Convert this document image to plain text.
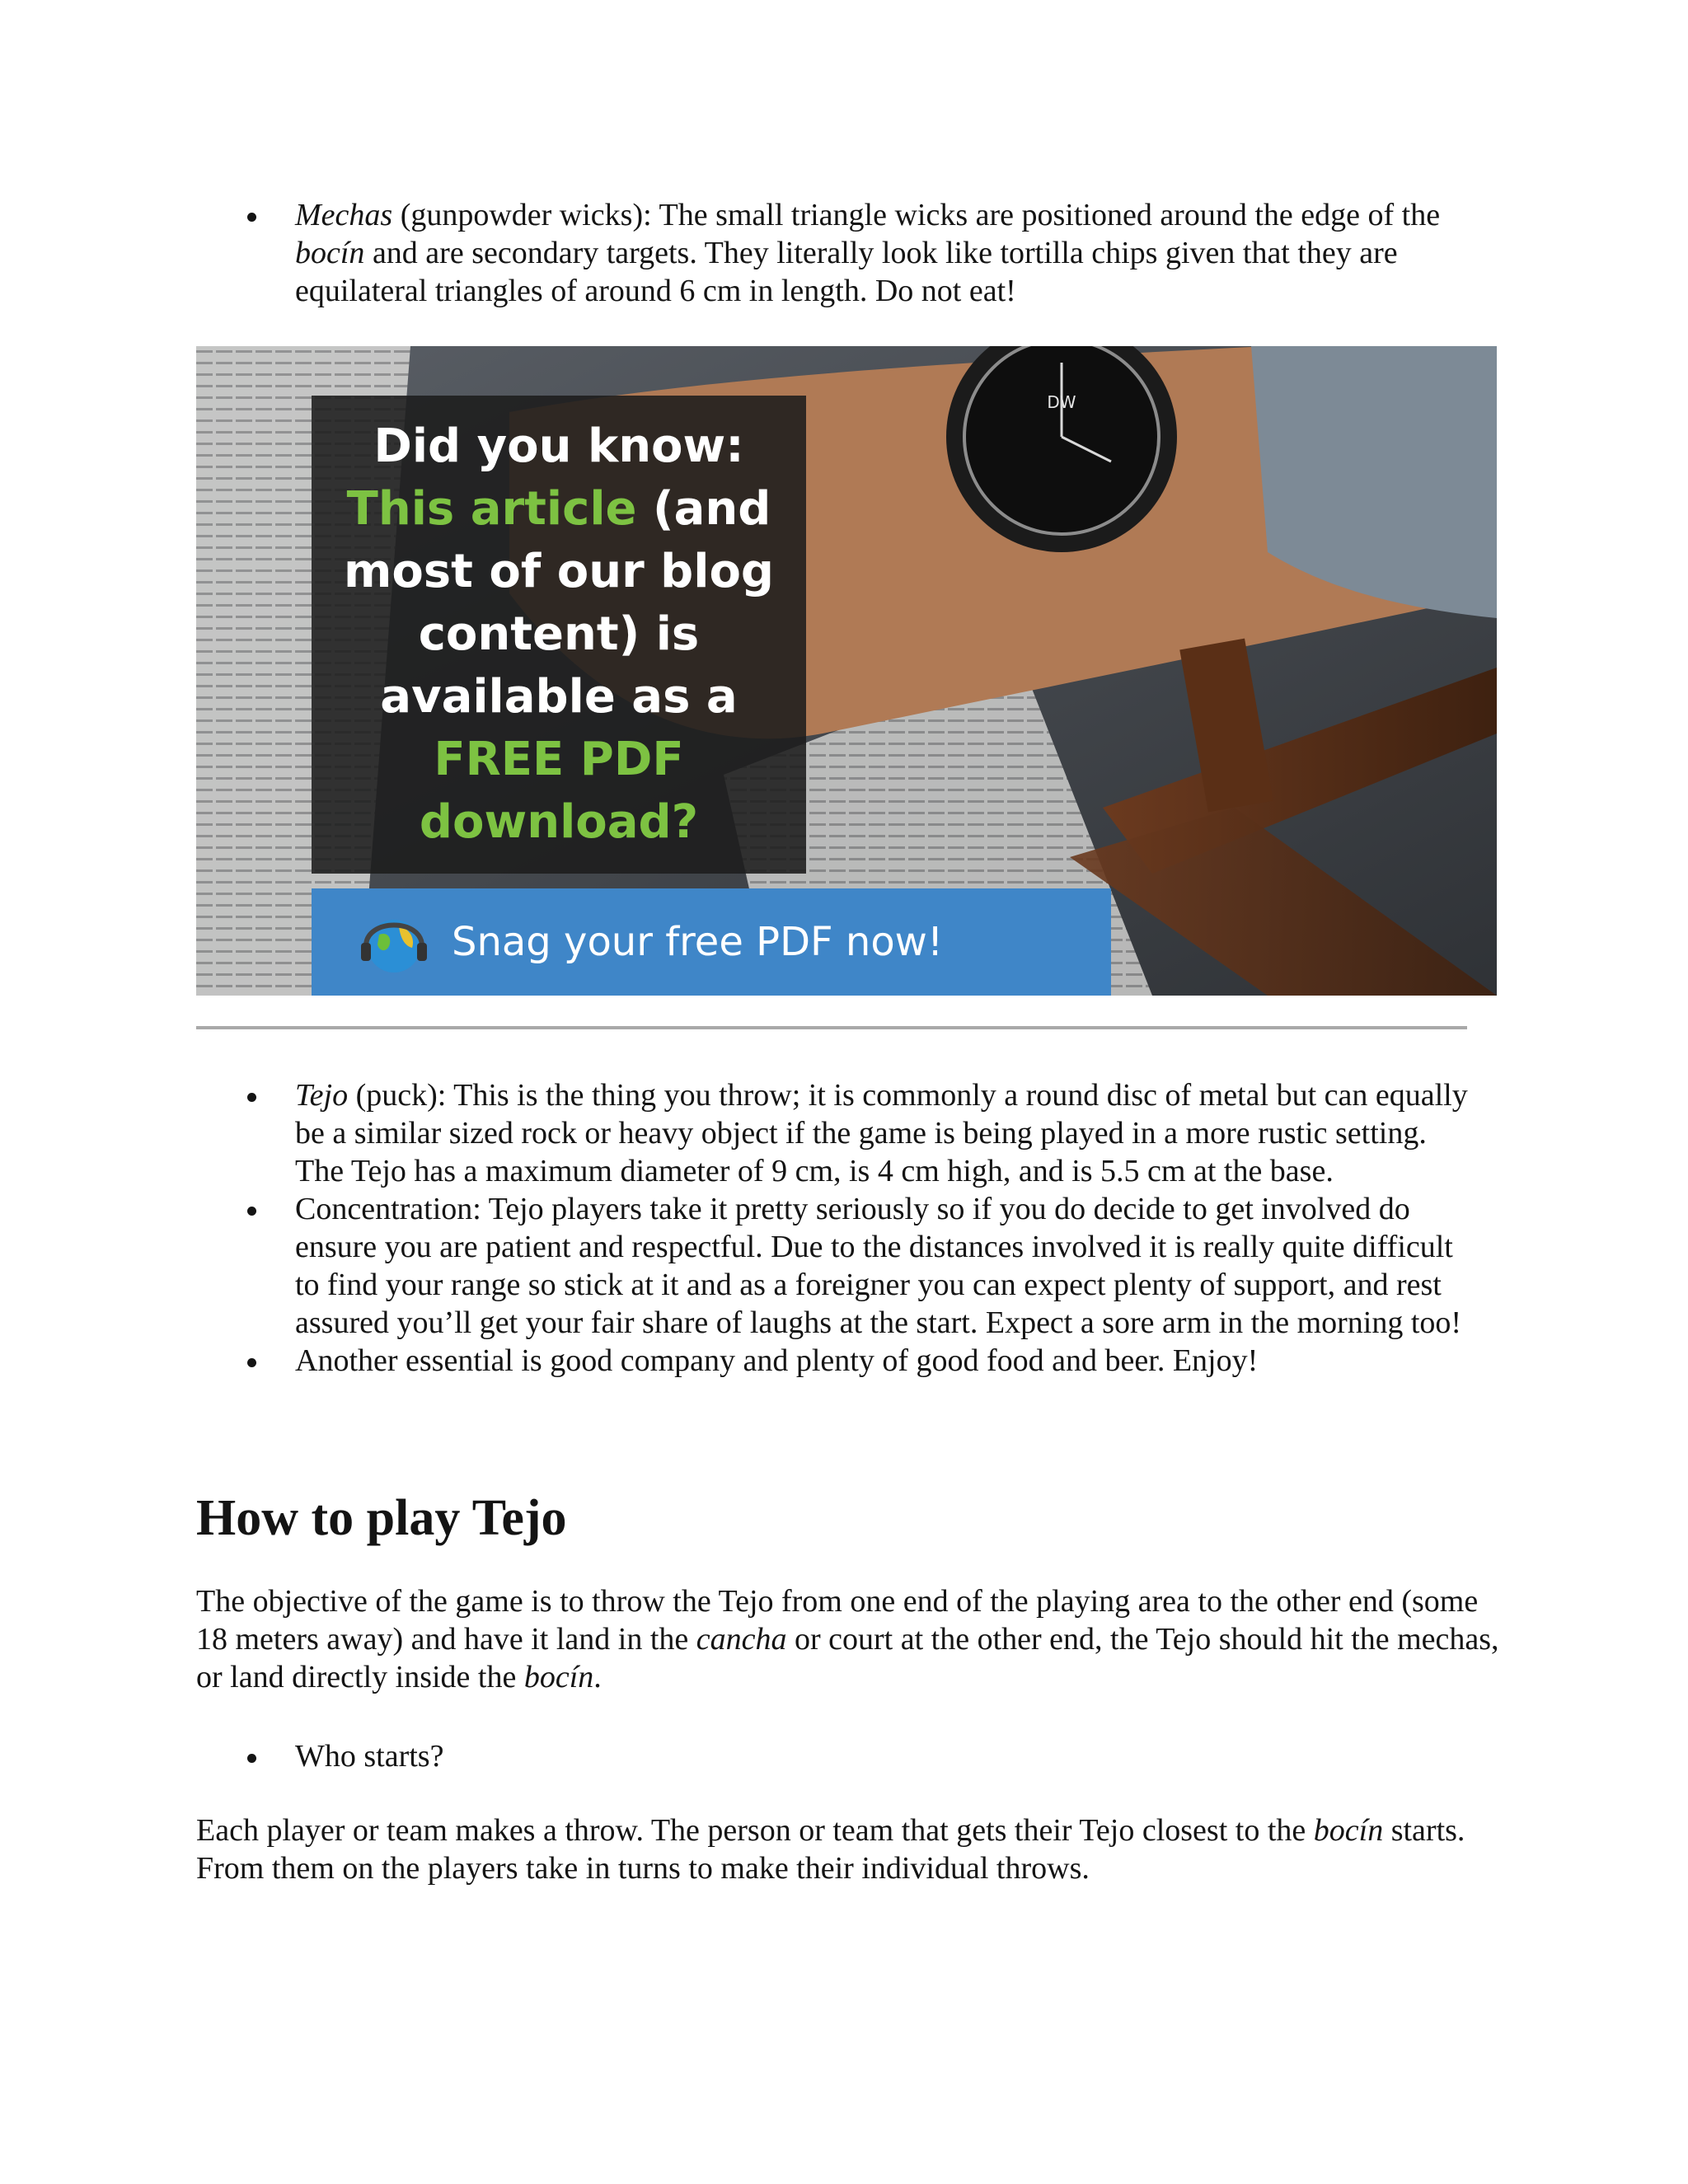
Mechas (gunpowder wicks): The small triangle wicks are positioned around the edge of the bocín and are secondary targets. They literally look like tortilla chips given that they are equilateral triangles of around 6 cm in length. Do not eat!
DW
Did you know:
This article (and
most of our blog
content) is
available as a
FREE PDF
download?
Snag your free PDF now!
Tejo (puck): This is the thing you throw; it is commonly a round disc of metal but can equally be a similar sized rock or heavy object if the game is being played in a more rustic setting. The Tejo has a maximum diameter of 9 cm, is 4 cm high, and is 5.5 cm at the base.
Concentration: Tejo players take it pretty seriously so if you do decide to get involved do ensure you are patient and respectful. Due to the distances involved it is really quite difficult to find your range so stick at it and as a foreigner you can expect plenty of support, and rest assured you’ll get your fair share of laughs at the start. Expect a sore arm in the morning too!
Another essential is good company and plenty of good food and beer. Enjoy!
How to play Tejo

The objective of the game is to throw the Tejo from one end of the playing area to the other end (some 18 meters away) and have it land in the cancha or court at the other end, the Tejo should hit the mechas, or land directly inside the bocín.

Who starts?

Each player or team makes a throw. The person or team that gets their Tejo closest to the bocín starts. From them on the players take in turns to make their individual throws.
